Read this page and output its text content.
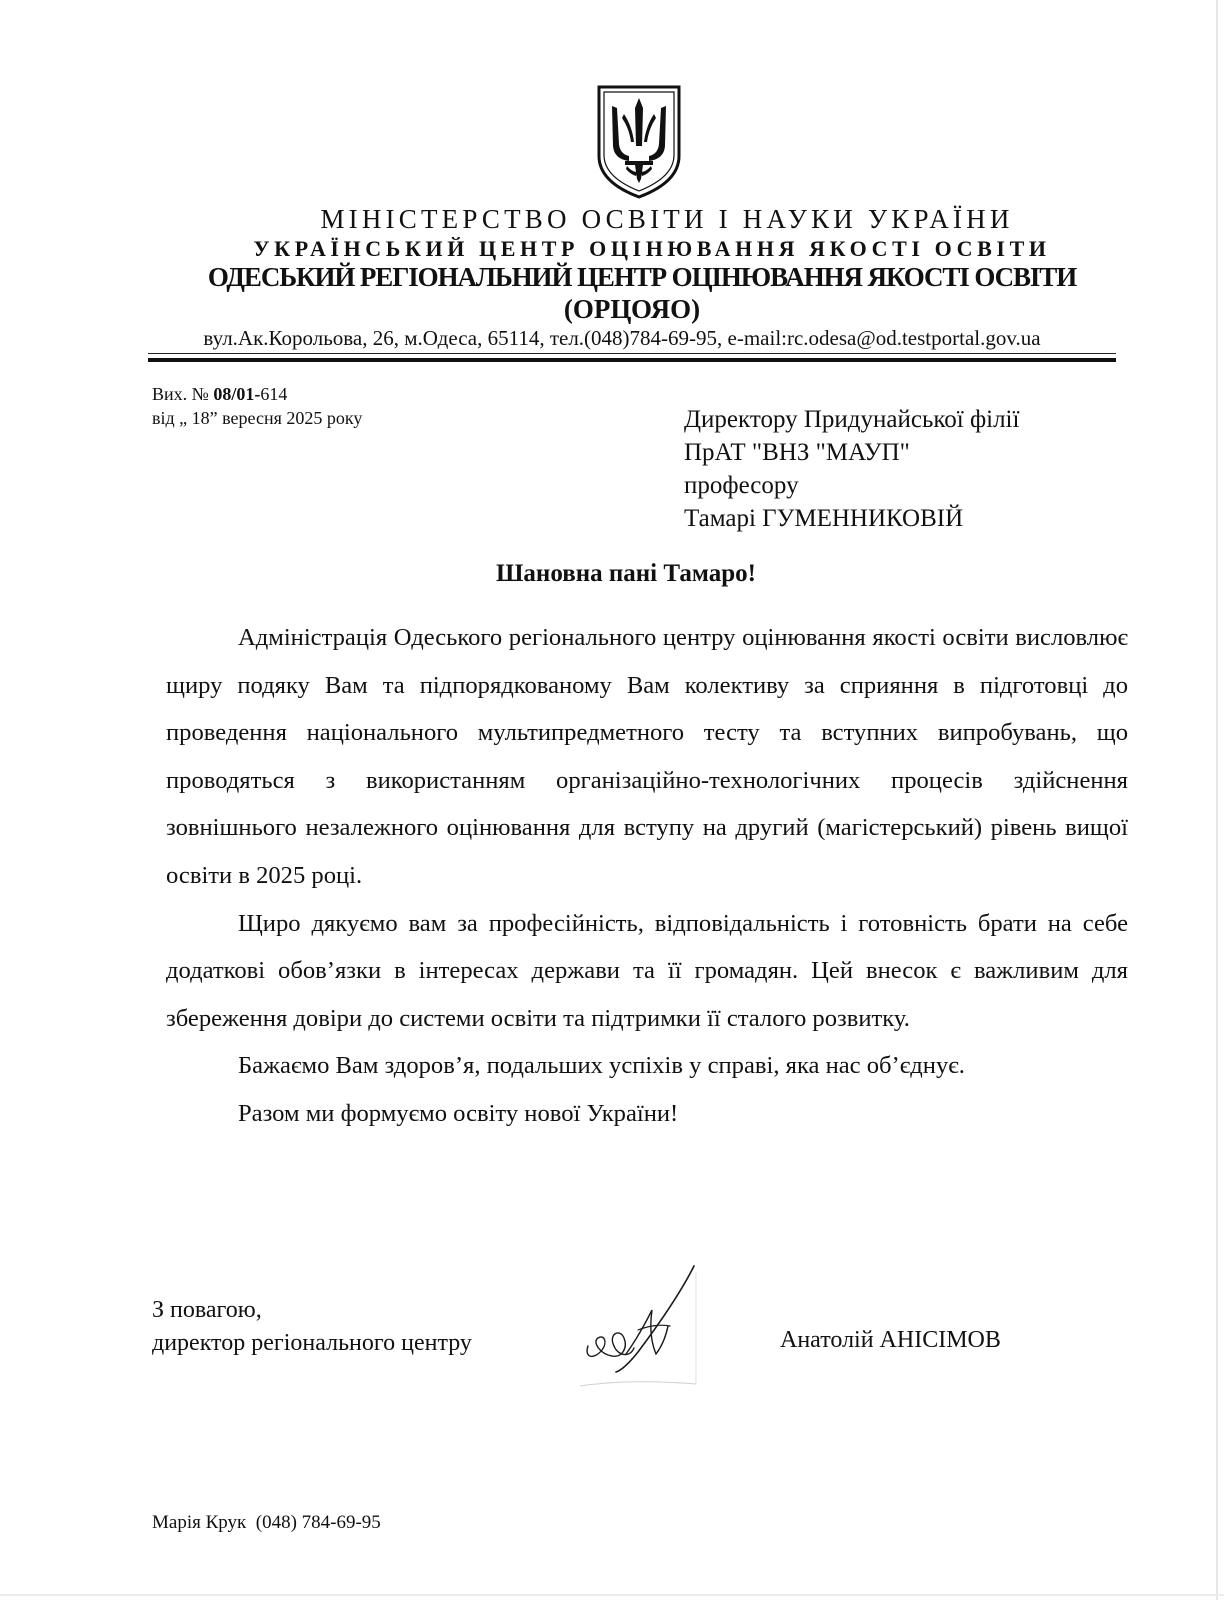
МІНІСТЕРСТВО ОСВІТИ І НАУКИ УКРАЇНИ
УКРАЇНСЬКИЙ ЦЕНТР ОЦІНЮВАННЯ ЯКОСТІ ОСВІТИ
ОДЕСЬКИЙ РЕГІОНАЛЬНИЙ ЦЕНТР ОЦІНЮВАННЯ ЯКОСТІ ОСВІТИ
(ОРЦОЯО)
вул.Ак.Корольова, 26, м.Одеса, 65114, тел.(048)784-69-95, e-mail:rc.odesa@od.testportal.gov.ua
Вих. № 08/01-614
від „ 18” вересня 2025 року	Директору Придунайської філії
ПрАТ "ВНЗ "МАУП"
професору
Тамарі ГУМЕННИКОВІЙ
Шановна пані Тамаро!

Адміністрація Одеського регіонального центру оцінювання якості освіти висловлює щиру подяку Вам та підпорядкованому Вам колективу за сприяння в підготовці до проведення національного мультипредметного тесту та вступних випробувань, що проводяться з використанням організаційно-технологічних процесів здійснення зовнішнього незалежного оцінювання для вступу на другий (магістерський) рівень вищої освіти в 2025 році.

Щиро дякуємо вам за професійність, відповідальність і готовність брати на себе додаткові обов’язки в інтересах держави та її громадян. Цей внесок є важливим для збереження довіри до системи освіти та підтримки її сталого розвитку.

Бажаємо Вам здоров’я, подальших успіхів у справі, яка нас об’єднує.

Разом ми формуємо освіту нової України!

З повагою,
директор регіонального центру	Анатолій АНІСІМОВ
Марія Крук  (048) 784-69-95
